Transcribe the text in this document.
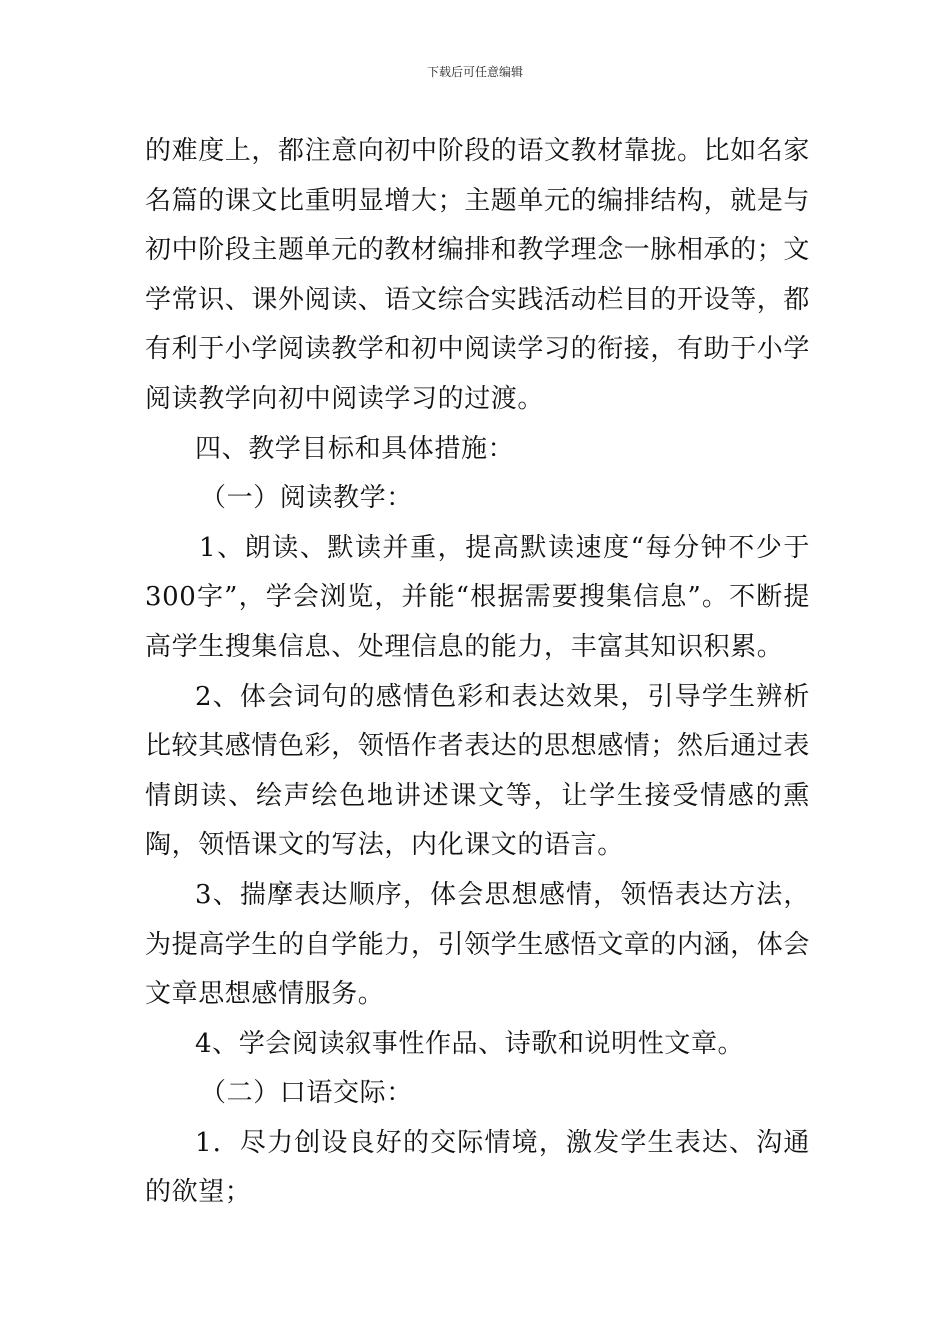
下载后可任意编辑

的难度上，都注意向初中阶段的语文教材靠拢。比如名家名篇的课文比重明显增大；主题单元的编排结构，就是与初中阶段主题单元的教材编排和教学理念一脉相承的；文学常识、课外阅读、语文综合实践活动栏目的开设等，都有利于小学阅读教学和初中阅读学习的衔接，有助于小学阅读教学向初中阅读学习的过渡。

四、教学目标和具体措施：

（一）阅读教学：

1、朗读、默读并重，提高默读速度“每分钟不少于300字”，学会浏览，并能“根据需要搜集信息”。不断提高学生搜集信息、处理信息的能力，丰富其知识积累。

2、体会词句的感情色彩和表达效果，引导学生辨析比较其感情色彩，领悟作者表达的思想感情；然后通过表情朗读、绘声绘色地讲述课文等，让学生接受情感的熏陶，领悟课文的写法，内化课文的语言。

3、揣摩表达顺序，体会思想感情，领悟表达方法，为提高学生的自学能力，引领学生感悟文章的内涵，体会文章思想感情服务。

4、学会阅读叙事性作品、诗歌和说明性文章。

（二）口语交际：

1．尽力创设良好的交际情境，激发学生表达、沟通的欲望；
